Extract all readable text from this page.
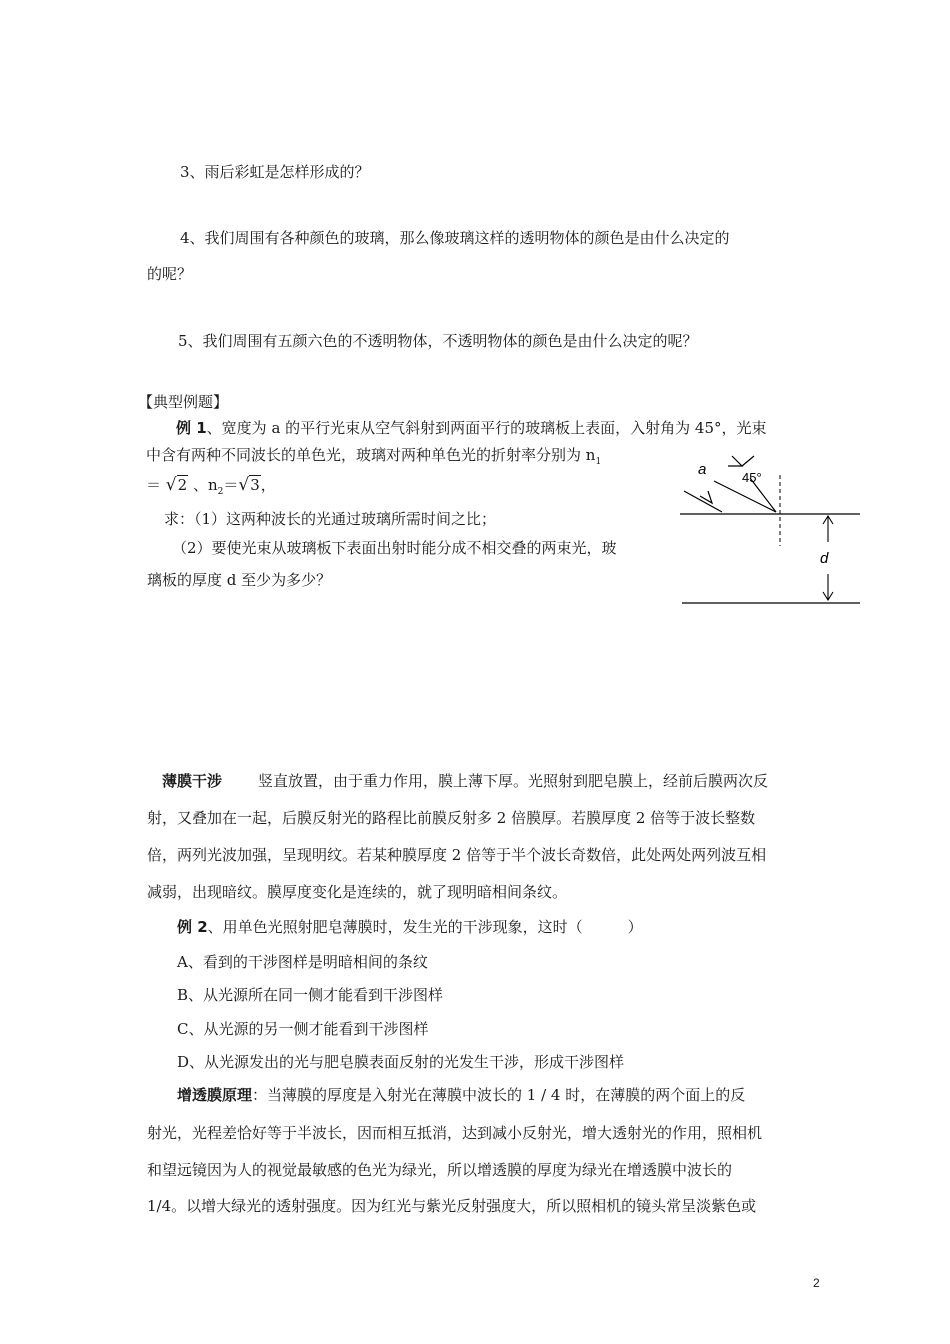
3、雨后彩虹是怎样形成的？
4、我们周围有各种颜色的玻璃，那么像玻璃这样的透明物体的颜色是由什么决定的
的呢？
5、我们周围有五颜六色的不透明物体，不透明物体的颜色是由什么决定的呢？
【典型例题】
例 1、宽度为 a 的平行光束从空气斜射到两面平行的玻璃板上表面，入射角为 45°，光束
中含有两种不同波长的单色光，玻璃对两种单色光的折射率分别为 $n_1$
＝ √2 、$n_2=√3$，
求：（1）这两种波长的光通过玻璃所需时间之比；
（2）要使光束从玻璃板下表面出射时能分成不相交叠的两束光，玻
璃板的厚度 d 至少为多少？
a	45°
d
薄膜干涉 竖直放置，由于重力作用，膜上薄下厚。光照射到肥皂膜上，经前后膜两次反
射，又叠加在一起，后膜反射光的路程比前膜反射多 2 倍膜厚。若膜厚度 2 倍等于波长整数
倍，两列光波加强，呈现明纹。若某种膜厚度 2 倍等于半个波长奇数倍，此处两处两列波互相
减弱，出现暗纹。膜厚度变化是连续的，就了现明暗相间条纹。
例 2、用单色光照射肥皂薄膜时，发生光的干涉现象，这时（　　　）
A、看到的干涉图样是明暗相间的条纹
B、从光源所在同一侧才能看到干涉图样
C、从光源的另一侧才能看到干涉图样
D、从光源发出的光与肥皂膜表面反射的光发生干涉，形成干涉图样
增透膜原理：当薄膜的厚度是入射光在薄膜中波长的 1 / 4 时，在薄膜的两个面上的反
射光，光程差恰好等于半波长，因而相互抵消，达到减小反射光，增大透射光的作用，照相机
和望远镜因为人的视觉最敏感的色光为绿光，所以增透膜的厚度为绿光在增透膜中波长的
1/4。以增大绿光的透射强度。因为红光与紫光反射强度大，所以照相机的镜头常呈淡紫色或
2
